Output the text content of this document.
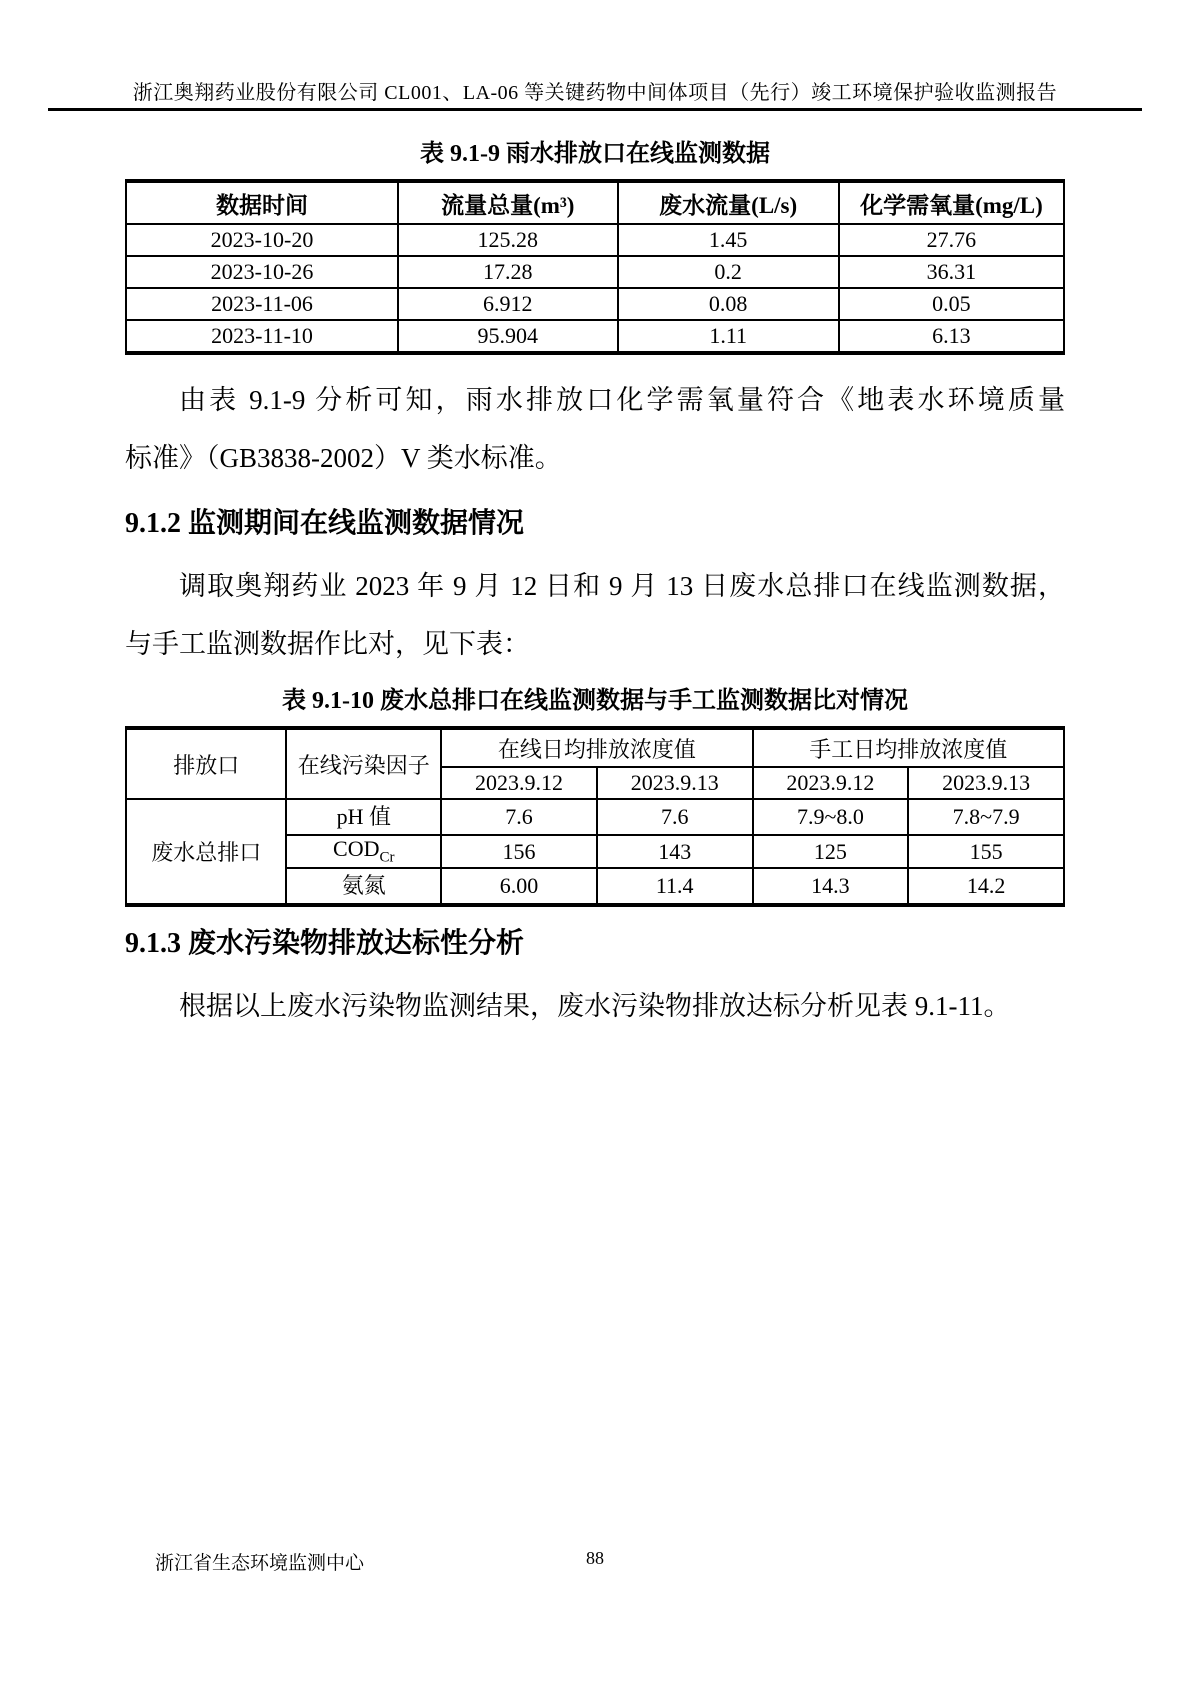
浙江奥翔药业股份有限公司 CL001、LA-06 等关键药物中间体项目（先行）竣工环境保护验收监测报告
表 9.1-9 雨水排放口在线监测数据
数据时间	流量总量(m³)	废水流量(L/s)	化学需氧量(mg/L)
2023-10-20	125.28	1.45	27.76
2023-10-26	17.28	0.2	36.31
2023-11-06	6.912	0.08	0.05
2023-11-10	95.904	1.11	6.13
由表 9.1-9 分析可知，雨水排放口化学需氧量符合《地表水环境质量
标准》（GB3838-2002）V 类水标准。
9.1.2 监测期间在线监测数据情况
调取奥翔药业 2023 年 9 月 12 日和 9 月 13 日废水总排口在线监测数据，
与手工监测数据作比对，见下表：
表 9.1-10 废水总排口在线监测数据与手工监测数据比对情况
排放口	在线污染因子	在线日均排放浓度值		手工日均排放浓度值	
		2023.9.12	2023.9.13	2023.9.12	2023.9.13
废水总排口	pH 值	7.6	7.6	7.9~8.0	7.8~7.9
	$COD_{Cr}$	156	143	125	155
	氨氮	6.00	11.4	14.3	14.2
9.1.3 废水污染物排放达标性分析
根据以上废水污染物监测结果，废水污染物排放达标分析见表 9.1-11。
浙江省生态环境监测中心	88
